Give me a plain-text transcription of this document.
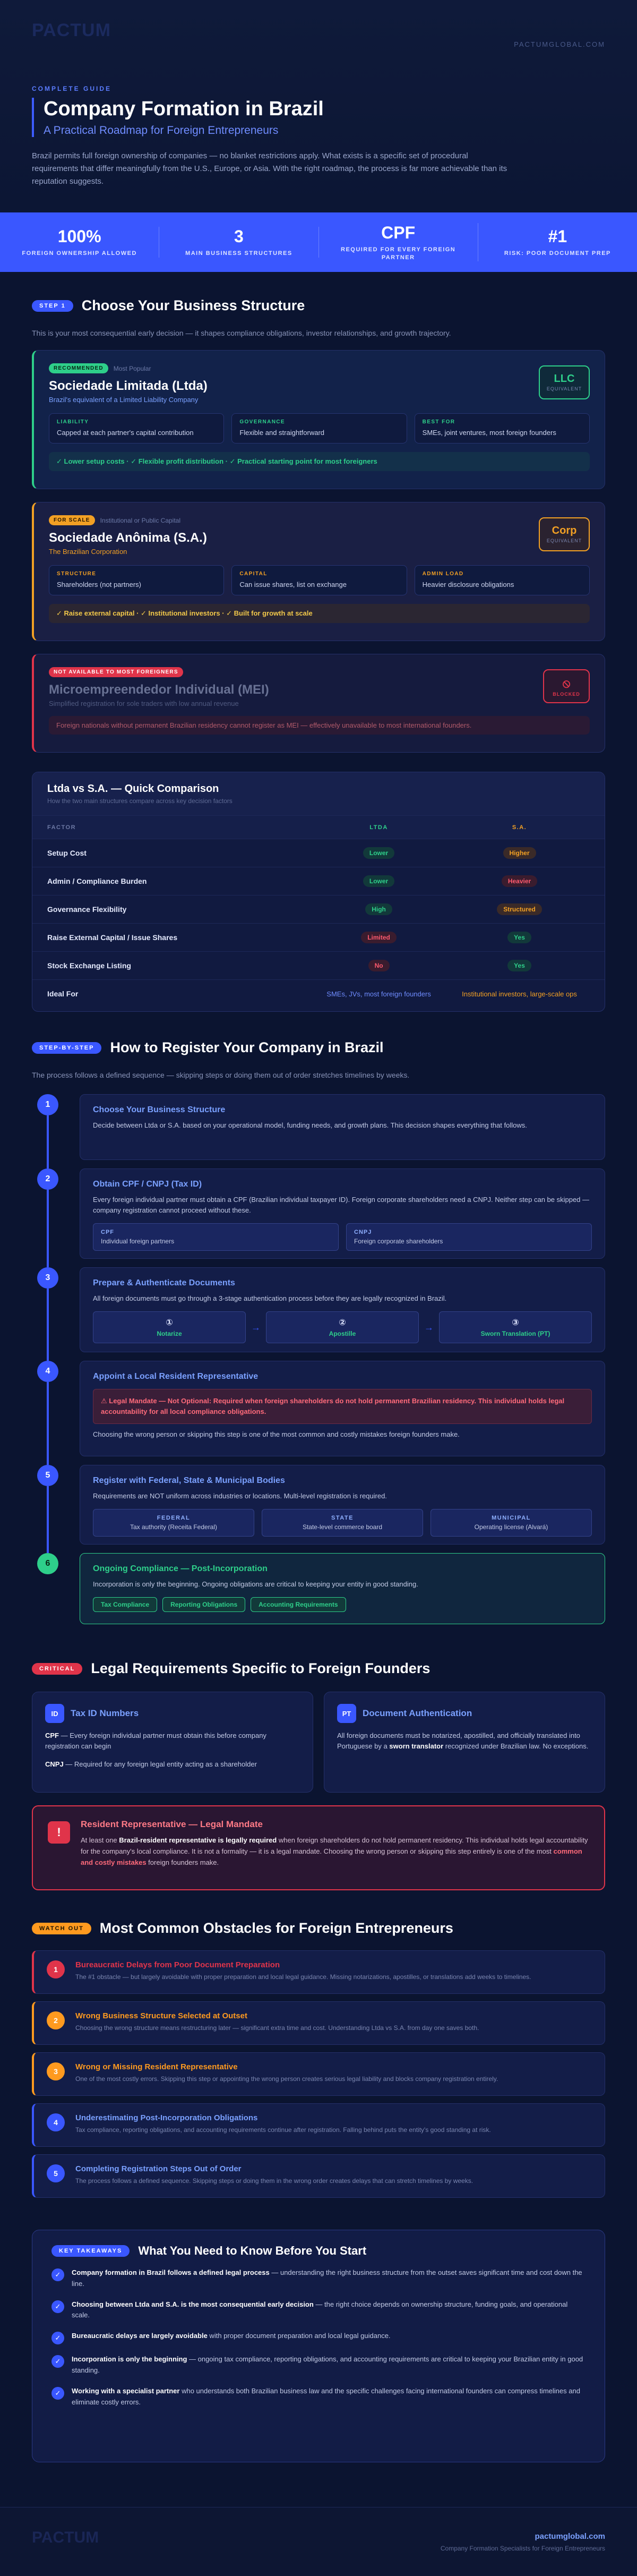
PACTUM
PACTUMGLOBAL.COM
COMPLETE GUIDE
Company Formation in Brazil
A Practical Roadmap for Foreign Entrepreneurs
Brazil permits full foreign ownership of companies — no blanket restrictions apply. What exists is a specific set of procedural requirements that differ meaningfully from the U.S., Europe, or Asia. With the right roadmap, the process is far more achievable than its reputation suggests.
100%
FOREIGN OWNERSHIP ALLOWED
3
MAIN BUSINESS STRUCTURES
CPF
REQUIRED FOR EVERY FOREIGN PARTNER
#1
RISK: POOR DOCUMENT PREP
STEP 1	Choose Your Business Structure
This is your most consequential early decision — it shapes compliance obligations, investor relationships, and growth trajectory.
RECOMMENDED	Most Popular
Sociedade Limitada (Ltda)
Brazil's equivalent of a Limited Liability Company
LLC
EQUIVALENT
LIABILITY
Capped at each partner's capital contribution
GOVERNANCE
Flexible and straightforward
BEST FOR
SMEs, joint ventures, most foreign founders
✓ Lower setup costs · ✓ Flexible profit distribution · ✓ Practical starting point for most foreigners
FOR SCALE	Institutional or Public Capital
Sociedade Anônima (S.A.)
The Brazilian Corporation
Corp
EQUIVALENT
STRUCTURE
Shareholders (not partners)
CAPITAL
Can issue shares, list on exchange
ADMIN LOAD
Heavier disclosure obligations
✓ Raise external capital · ✓ Institutional investors · ✓ Built for growth at scale
NOT AVAILABLE TO MOST FOREIGNERS
Microempreendedor Individual (MEI)
Simplified registration for sole traders with low annual revenue
⦸
BLOCKED
Foreign nationals without permanent Brazilian residency cannot register as MEI — effectively unavailable to most international founders.
Ltda vs S.A. — Quick Comparison
How the two main structures compare across key decision factors
FACTOR	LTDA	S.A.
Setup Cost	Lower	Higher
Admin / Compliance Burden	Lower	Heavier
Governance Flexibility	High	Structured
Raise External Capital / Issue Shares	Limited	Yes
Stock Exchange Listing	No	Yes
Ideal For	SMEs, JVs, most foreign founders	Institutional investors, large-scale ops
STEP-BY-STEP	How to Register Your Company in Brazil
The process follows a defined sequence — skipping steps or doing them out of order stretches timelines by weeks.
1
Choose Your Business Structure
Decide between Ltda or S.A. based on your operational model, funding needs, and growth plans. This decision shapes everything that follows.
2
Obtain CPF / CNPJ (Tax ID)
Every foreign individual partner must obtain a CPF (Brazilian individual taxpayer ID). Foreign corporate shareholders need a CNPJ. Neither step can be skipped — company registration cannot proceed without these.
CPF
Individual foreign partners
CNPJ
Foreign corporate shareholders
3
Prepare & Authenticate Documents
All foreign documents must go through a 3-stage authentication process before they are legally recognized in Brazil.
①
Notarize
→	②
Apostille
→	③
Sworn Translation (PT)
4
Appoint a Local Resident Representative
⚠ Legal Mandate — Not Optional: Required when foreign shareholders do not hold permanent Brazilian residency. This individual holds legal accountability for all local compliance obligations.
Choosing the wrong person or skipping this step is one of the most common and costly mistakes foreign founders make.
5
Register with Federal, State & Municipal Bodies
Requirements are NOT uniform across industries or locations. Multi-level registration is required.
FEDERAL
Tax authority (Receita Federal)
STATE
State-level commerce board
MUNICIPAL
Operating license (Alvará)
6
Ongoing Compliance — Post-Incorporation
Incorporation is only the beginning. Ongoing obligations are critical to keeping your entity in good standing.
Tax Compliance	Reporting Obligations	Accounting Requirements
CRITICAL	Legal Requirements Specific to Foreign Founders
ID	Tax ID Numbers
CPF — Every foreign individual partner must obtain this before company registration can begin
CNPJ — Required for any foreign legal entity acting as a shareholder
PT	Document Authentication
All foreign documents must be notarized, apostilled, and officially translated into Portuguese by a sworn translator recognized under Brazilian law. No exceptions.
!
Resident Representative — Legal Mandate
At least one Brazil-resident representative is legally required when foreign shareholders do not hold permanent residency. This individual holds legal accountability for the company's local compliance. It is not a formality — it is a legal mandate. Choosing the wrong person or skipping this step entirely is one of the most common and costly mistakes foreign founders make.
WATCH OUT	Most Common Obstacles for Foreign Entrepreneurs
1	Bureaucratic Delays from Poor Document Preparation
The #1 obstacle — but largely avoidable with proper preparation and local legal guidance. Missing notarizations, apostilles, or translations add weeks to timelines.
2	Wrong Business Structure Selected at Outset
Choosing the wrong structure means restructuring later — significant extra time and cost. Understanding Ltda vs S.A. from day one saves both.
3	Wrong or Missing Resident Representative
One of the most costly errors. Skipping this step or appointing the wrong person creates serious legal liability and blocks company registration entirely.
4	Underestimating Post-Incorporation Obligations
Tax compliance, reporting obligations, and accounting requirements continue after registration. Falling behind puts the entity's good standing at risk.
5	Completing Registration Steps Out of Order
The process follows a defined sequence. Skipping steps or doing them in the wrong order creates delays that can stretch timelines by weeks.
KEY TAKEAWAYS	What You Need to Know Before You Start
✓	Company formation in Brazil follows a defined legal process — understanding the right business structure from the outset saves significant time and cost down the line.
✓	Choosing between Ltda and S.A. is the most consequential early decision — the right choice depends on ownership structure, funding goals, and operational scale.
✓	Bureaucratic delays are largely avoidable with proper document preparation and local legal guidance.
✓	Incorporation is only the beginning — ongoing tax compliance, reporting obligations, and accounting requirements are critical to keeping your Brazilian entity in good standing.
✓	Working with a specialist partner who understands both Brazilian business law and the specific challenges facing international founders can compress timelines and eliminate costly errors.
PACTUM	pactumglobal.com
Company Formation Specialists for Foreign Entrepreneurs
